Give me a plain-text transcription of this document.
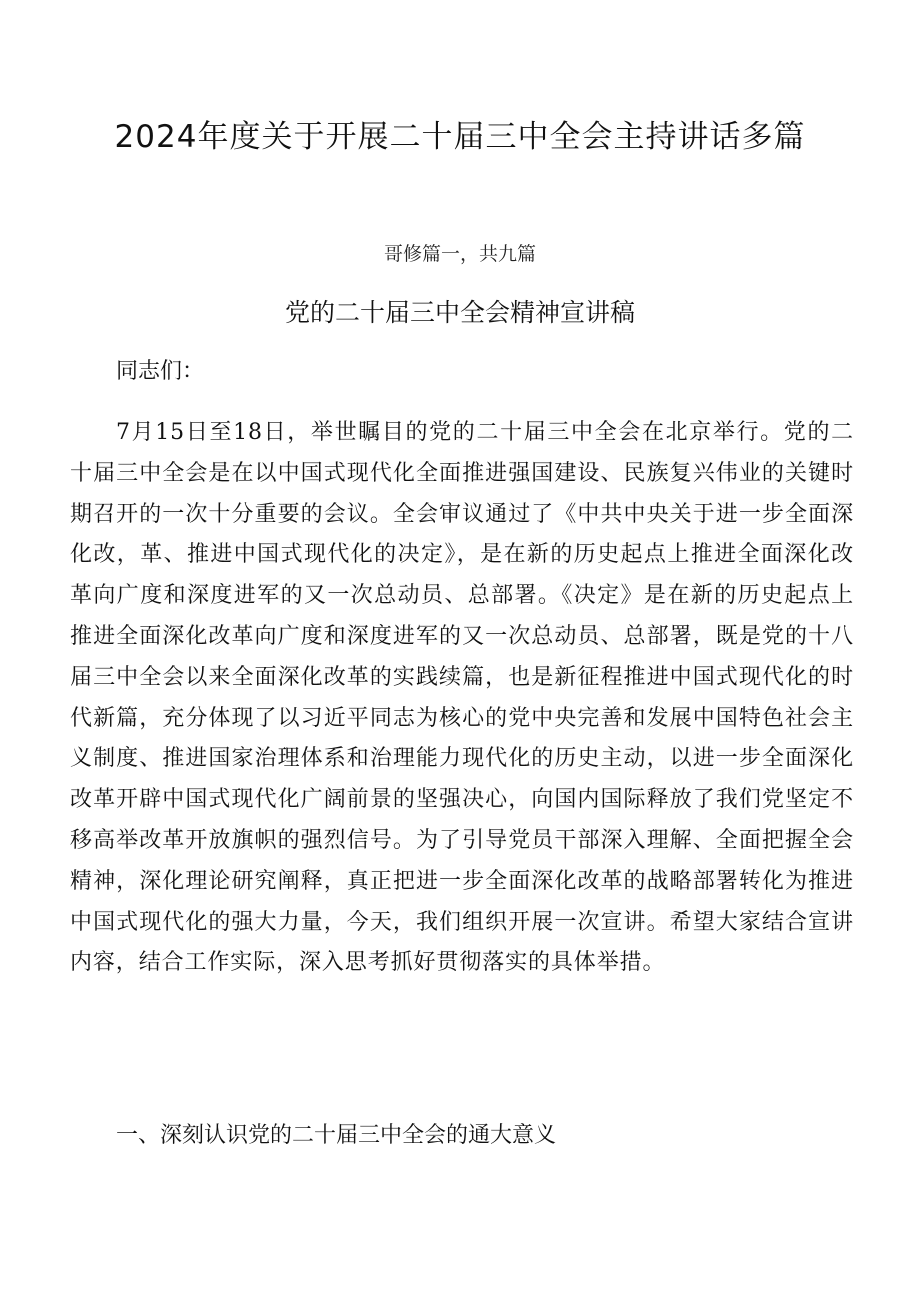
2024年度关于开展二十届三中全会主持讲话多篇
哥修篇一，共九篇
党的二十届三中全会精神宣讲稿
同志们：

7月15日至18日，举世瞩目的党的二十届三中全会在北京举行。党的二十届三中全会是在以中国式现代化全面推进强国建设、民族复兴伟业的关键时期召开的一次十分重要的会议。全会审议通过了《中共中央关于进一步全面深化改，革、推进中国式现代化的决定》，是在新的历史起点上推进全面深化改革向广度和深度进军的又一次总动员、总部署。《决定》是在新的历史起点上推进全面深化改革向广度和深度进军的又一次总动员、总部署，既是党的十八届三中全会以来全面深化改革的实践续篇，也是新征程推进中国式现代化的时代新篇，充分体现了以习近平同志为核心的党中央完善和发展中国特色社会主义制度、推进国家治理体系和治理能力现代化的历史主动，以进一步全面深化改革开辟中国式现代化广阔前景的坚强决心，向国内国际释放了我们党坚定不移高举改革开放旗帜的强烈信号。为了引导党员干部深入理解、全面把握全会精神，深化理论研究阐释，真正把进一步全面深化改革的战略部署转化为推进中国式现代化的强大力量，今天，我们组织开展一次宣讲。希望大家结合宣讲内容，结合工作实际，深入思考抓好贯彻落实的具体举措。

一、深刻认识党的二十届三中全会的通大意义
